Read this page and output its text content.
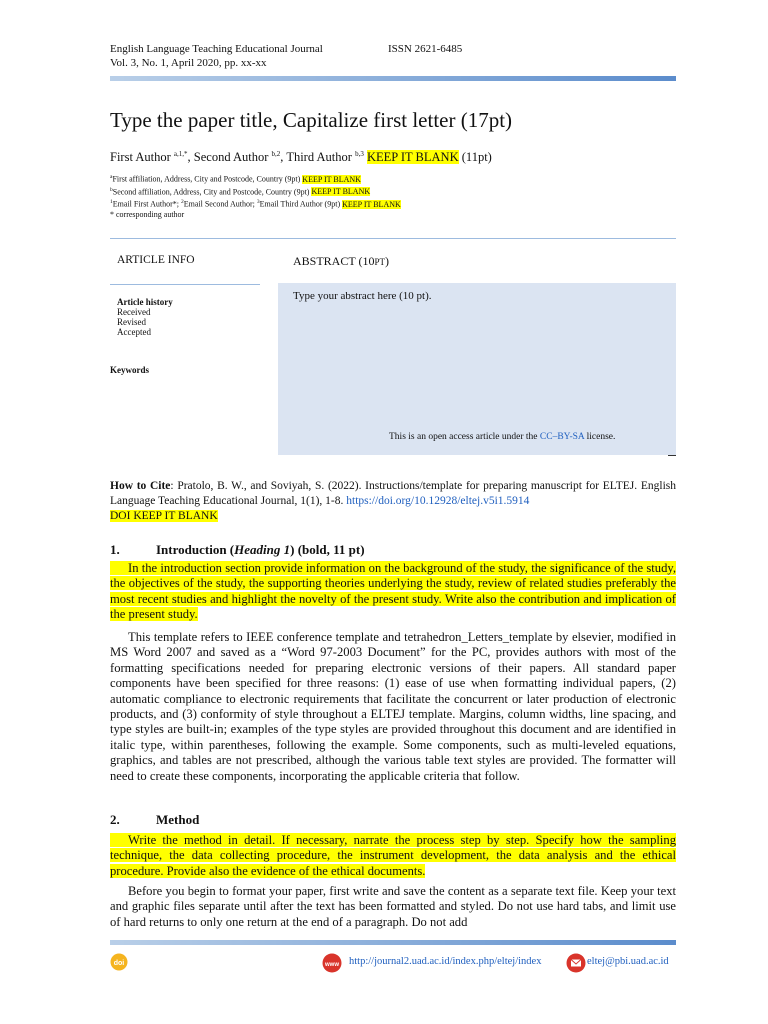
English Language Teaching Educational Journal
Vol. 3, No. 1, April 2020, pp. xx-xx
ISSN 2621-6485
Type the paper title, Capitalize first letter (17pt)
First Author $^{a,1,*}$, Second Author $^{b,2}$, Third Author $^{b,3}$ KEEP IT BLANK (11pt)
$^a$First affiliation, Address, City and Postcode, Country (9pt) KEEP IT BLANK
$^b$Second affiliation, Address, City and Postcode, Country (9pt) KEEP IT BLANK
$^1$Email First Author*; $^2$Email Second Author; $^3$Email Third Author (9pt) KEEP IT BLANK
* corresponding author
ARTICLE INFO	ABSTRACT (10PT)
Type your abstract here (10 pt).
This is an open access article under the CC–BY-SA license.
Article history
Received
Revised
Accepted
Keywords
How to Cite: Pratolo, B. W., and Soviyah, S. (2022). Instructions/template for preparing manuscript for ELTEJ. English Language Teaching Educational Journal, 1(1), 1-8. https://doi.org/10.12928/eltej.v5i1.5914
DOI KEEP IT BLANK
1.	Introduction (Heading 1) (bold, 11 pt)
In the introduction section provide information on the background of the study, the significance of the study, the objectives of the study, the supporting theories underlying the study, review of related studies preferably the most recent studies and highlight the novelty of the present study. Write also the contribution and implication of the present study.
This template refers to IEEE conference template and tetrahedron_Letters_template by elsevier, modified in MS Word 2007 and saved as a “Word 97-2003 Document” for the PC, provides authors with most of the formatting specifications needed for preparing electronic versions of their papers. All standard paper components have been specified for three reasons: (1) ease of use when formatting individual papers, (2) automatic compliance to electronic requirements that facilitate the concurrent or later production of electronic products, and (3) conformity of style throughout a ELTEJ template. Margins, column widths, line spacing, and type styles are built-in; examples of the type styles are provided throughout this document and are identified in italic type, within parentheses, following the example. Some components, such as multi-leveled equations, graphics, and tables are not prescribed, although the various table text styles are provided. The formatter will need to create these components, incorporating the applicable criteria that follow.
2.	Method
Write the method in detail. If necessary, narrate the process step by step. Specify how the sampling technique, the data collecting procedure, the instrument development, the data analysis and the ethical procedure. Provide also the evidence of the ethical documents.
Before you begin to format your paper, first write and save the content as a separate text file. Keep your text and graphic files separate until after the text has been formatted and styled. Do not use hard tabs, and limit use of hard returns to only one return at the end of a paragraph. Do not add
doi	www http://journal2.uad.ac.id/index.php/eltej/index	eltej@pbi.uad.ac.id
